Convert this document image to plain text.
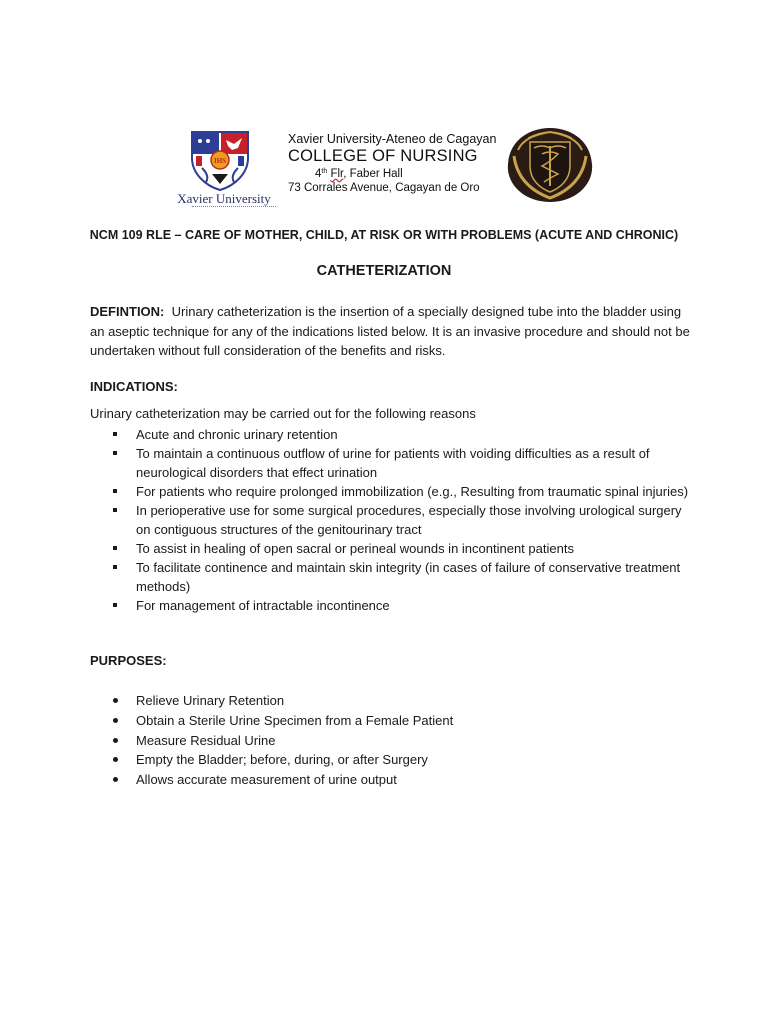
IHS
Xavier University
Xavier University-Ateneo de Cagayan
COLLEGE OF NURSING
4th Flr, Faber Hall
73 Corrales Avenue, Cagayan de Oro
NCM 109 RLE – CARE OF MOTHER, CHILD, AT RISK OR WITH PROBLEMS (ACUTE AND CHRONIC)
CATHETERIZATION
DEFINTION: Urinary catheterization is the insertion of a specially designed tube into the bladder using an aseptic technique for any of the indications listed below. It is an invasive procedure and should not be undertaken without full consideration of the benefits and risks.
INDICATIONS:
Urinary catheterization may be carried out for the following reasons
Acute and chronic urinary retention
To maintain a continuous outflow of urine for patients with voiding difficulties as a result of neurological disorders that effect urination
For patients who require prolonged immobilization (e.g., Resulting from traumatic spinal injuries)
In perioperative use for some surgical procedures, especially those involving urological surgery on contiguous structures of the genitourinary tract
To assist in healing of open sacral or perineal wounds in incontinent patients
To facilitate continence and maintain skin integrity (in cases of failure of conservative treatment methods)
For management of intractable incontinence
PURPOSES:
Relieve Urinary Retention
Obtain a Sterile Urine Specimen from a Female Patient
Measure Residual Urine
Empty the Bladder; before, during, or after Surgery
Allows accurate measurement of urine output
